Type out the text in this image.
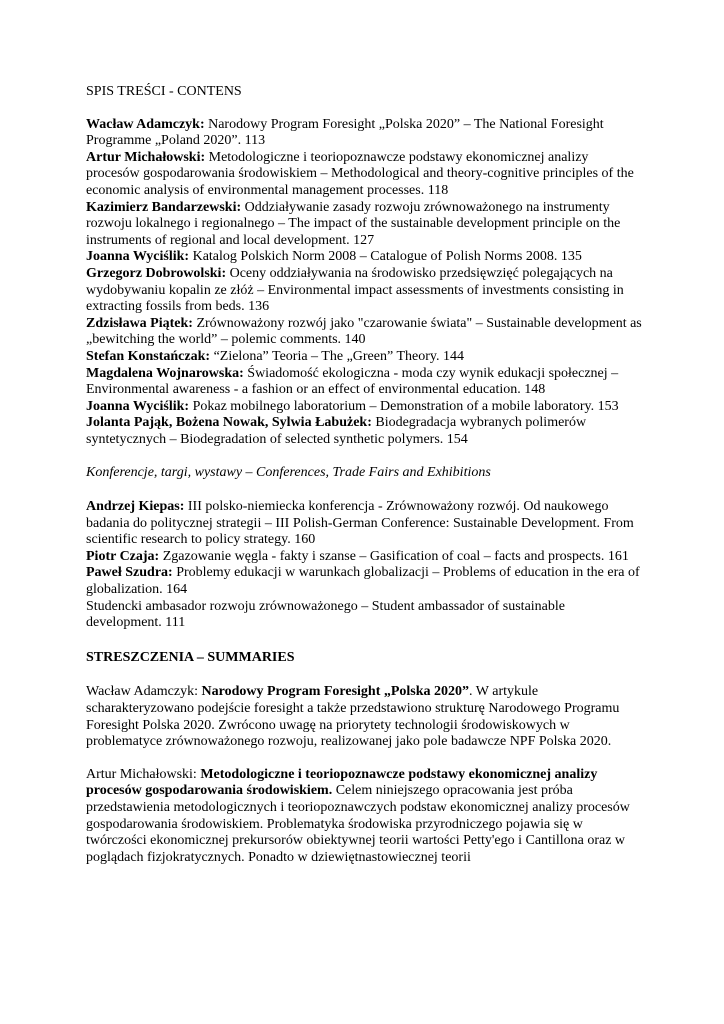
SPIS TREŚCI - CONTENS

Wacław Adamczyk: Narodowy Program Foresight „Polska 2020” – The National Foresight Programme „Poland 2020”. 113

Artur Michałowski: Metodologiczne i teoriopoznawcze podstawy ekonomicznej analizy procesów gospodarowania środowiskiem – Methodological and theory-cognitive principles of the economic analysis of environmental management processes. 118

Kazimierz Bandarzewski: Oddziaływanie zasady rozwoju zrównoważonego na instrumenty rozwoju lokalnego i regionalnego – The impact of the sustainable development principle on the instruments of regional and local development. 127

Joanna Wyciślik: Katalog Polskich Norm 2008 – Catalogue of Polish Norms 2008. 135

Grzegorz Dobrowolski: Oceny oddziaływania na środowisko przedsięwzięć polegających na wydobywaniu kopalin ze złóż – Environmental impact assessments of investments consisting in extracting fossils from beds. 136

Zdzisława Piątek: Zrównoważony rozwój jako "czarowanie świata" – Sustainable development as „bewitching the world” – polemic comments. 140

Stefan Konstańczak: “Zielona” Teoria – The „Green” Theory. 144

Magdalena Wojnarowska: Świadomość ekologiczna - moda czy wynik edukacji społecznej – Environmental awareness - a fashion or an effect of environmental education. 148

Joanna Wyciślik: Pokaz mobilnego laboratorium – Demonstration of a mobile laboratory. 153

Jolanta Pająk, Bożena Nowak, Sylwia Łabużek: Biodegradacja wybranych polimerów syntetycznych – Biodegradation of selected synthetic polymers. 154

Konferencje, targi, wystawy – Conferences, Trade Fairs and Exhibitions

Andrzej Kiepas: III polsko-niemiecka konferencja - Zrównoważony rozwój. Od naukowego badania do politycznej strategii – III Polish-German Conference: Sustainable Development. From scientific research to policy strategy. 160

Piotr Czaja: Zgazowanie węgla - fakty i szanse – Gasification of coal – facts and prospects. 161

Paweł Szudra: Problemy edukacji w warunkach globalizacji – Problems of education in the era of globalization. 164

Studencki ambasador rozwoju zrównoważonego – Student ambassador of sustainable development. 111

STRESZCZENIA – SUMMARIES

Wacław Adamczyk: Narodowy Program Foresight „Polska 2020”. W artykule scharakteryzowano podejście foresight a także przedstawiono strukturę Narodowego Programu Foresight Polska 2020. Zwrócono uwagę na priorytety technologii środowiskowych w problematyce zrównoważonego rozwoju, realizowanej jako pole badawcze NPF Polska 2020.

Artur Michałowski: Metodologiczne i teoriopoznawcze podstawy ekonomicznej analizy procesów gospodarowania środowiskiem. Celem niniejszego opracowania jest próba przedstawienia metodologicznych i teoriopoznawczych podstaw ekonomicznej analizy procesów gospodarowania środowiskiem. Problematyka środowiska przyrodniczego pojawia się w twórczości ekonomicznej prekursorów obiektywnej teorii wartości Petty'ego i Cantillona oraz w poglądach fizjokratycznych. Ponadto w dziewiętnastowiecznej teorii
